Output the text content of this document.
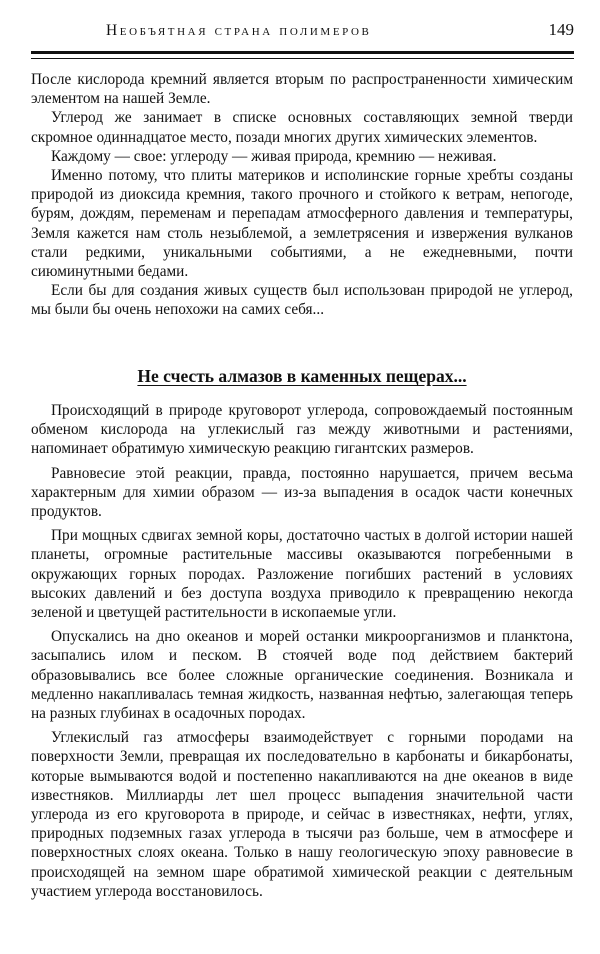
Необъятная страна полимеров	149

После кислорода кремний является вторым по распространенности химическим элементом на нашей Земле.

Углерод же занимает в списке основных составляющих земной тверди скромное одиннадцатое место, позади многих других химических элементов.

Каждому — свое: углероду — живая природа, кремнию — неживая.

Именно потому, что плиты материков и исполинские горные хребты созданы природой из диоксида кремния, такого прочного и стойкого к ветрам, непогоде, бурям, дождям, переменам и перепадам атмосферного давления и температуры, Земля кажется нам столь незыблемой, а землетрясения и извержения вулканов стали редкими, уникальными событиями, а не ежедневными, почти сиюминутными бедами.

Если бы для создания живых существ был использован природой не углерод, мы были бы очень непохожи на самих себя...

Не счесть алмазов в каменных пещерах...

Происходящий в природе круговорот углерода, сопровождаемый постоянным обменом кислорода на углекислый газ между животными и растениями, напоминает обратимую химическую реакцию гигантских размеров.

Равновесие этой реакции, правда, постоянно нарушается, причем весьма характерным для химии образом — из-за выпадения в осадок части конечных продуктов.

При мощных сдвигах земной коры, достаточно частых в долгой истории нашей планеты, огромные растительные массивы оказываются погребенными в окружающих горных породах. Разложение погибших растений в условиях высоких давлений и без доступа воздуха приводило к превращению некогда зеленой и цветущей растительности в ископаемые угли.

Опускались на дно океанов и морей останки микроорганизмов и планктона, засыпались илом и песком. В стоячей воде под действием бактерий образовывались все более сложные органические соединения. Возникала и медленно накапливалась темная жидкость, названная нефтью, залегающая теперь на разных глубинах в осадочных породах.

Углекислый газ атмосферы взаимодействует с горными породами на поверхности Земли, превращая их последовательно в карбонаты и бикарбонаты, которые вымываются водой и постепенно накапливаются на дне океанов в виде известняков. Миллиарды лет шел процесс выпадения значительной части углерода из его круговорота в природе, и сейчас в известняках, нефти, углях, природных подземных газах углерода в тысячи раз больше, чем в атмосфере и поверхностных слоях океана. Только в нашу геологическую эпоху равновесие в происходящей на земном шаре обратимой химической реакции с деятельным участием углерода восстановилось.
